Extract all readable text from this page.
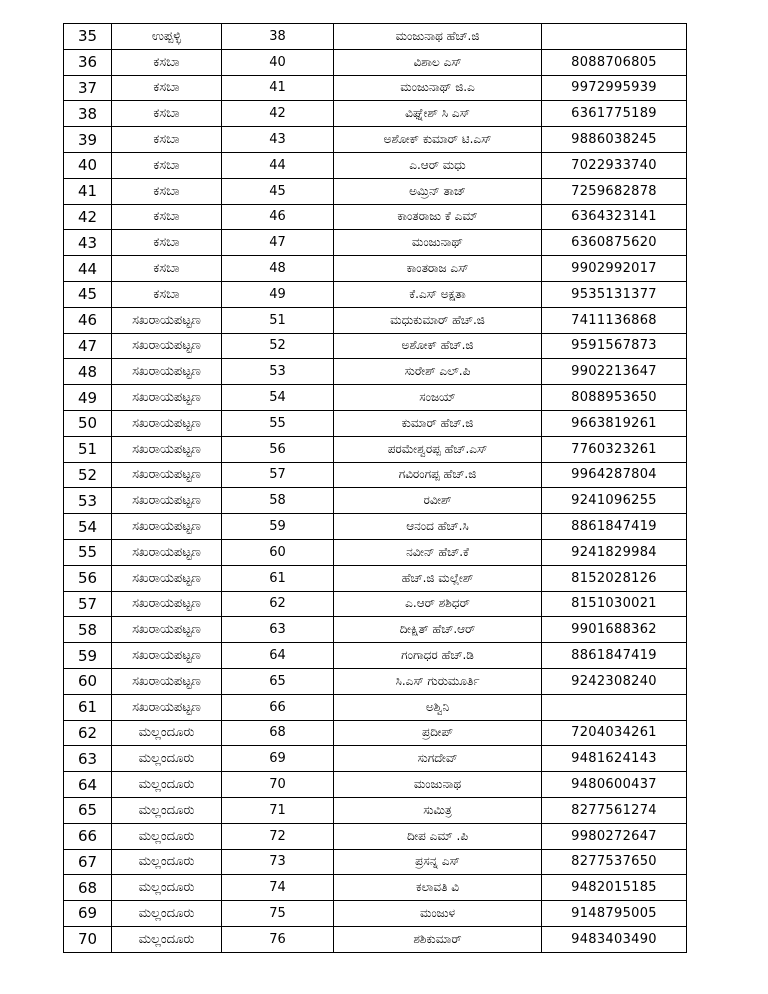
35	ಉಪ್ಪಳ್ಳಿ	38	ಮಂಜುನಾಥ ಹೆಚ್.ಜಿ	
36	ಕಸಬಾ	40	ವಿಶಾಲ ಎಸ್	8088706805
37	ಕಸಬಾ	41	ಮಂಜುನಾಥ್ ಜಿ.ಎ	9972995939
38	ಕಸಬಾ	42	ವಿಘ್ನೇಶ್ ಸಿ ಎಸ್	6361775189
39	ಕಸಬಾ	43	ಅಶೋಕ್ ಕುಮಾರ್ ಟಿ.ಎಸ್	9886038245
40	ಕಸಬಾ	44	ಎ.ಆರ್ ಮಧು	7022933740
41	ಕಸಬಾ	45	ಅಮ್ರಿನ್ ತಾಜ್	7259682878
42	ಕಸಬಾ	46	ಕಾಂತರಾಜು ಕೆ ಎಮ್	6364323141
43	ಕಸಬಾ	47	ಮಂಜುನಾಥ್	6360875620
44	ಕಸಬಾ	48	ಕಾಂತರಾಜ ಎಸ್	9902992017
45	ಕಸಬಾ	49	ಕೆ.ಎಸ್ ಅಕ್ಷತಾ	9535131377
46	ಸಖರಾಯಪಟ್ಟಣ	51	ಮಧುಕುಮಾರ್ ಹೆಚ್.ಜಿ	7411136868
47	ಸಖರಾಯಪಟ್ಟಣ	52	ಅಶೋಕ್ ಹೆಚ್.ಜಿ	9591567873
48	ಸಖರಾಯಪಟ್ಟಣ	53	ಸುರೇಶ್ ಎಲ್.ಪಿ	9902213647
49	ಸಖರಾಯಪಟ್ಟಣ	54	ಸಂಜಯ್	8088953650
50	ಸಖರಾಯಪಟ್ಟಣ	55	ಕುಮಾರ್ ಹೆಚ್.ಜಿ	9663819261
51	ಸಖರಾಯಪಟ್ಟಣ	56	ಪರಮೇಶ್ವರಪ್ಪ ಹೆಚ್.ಎಸ್	7760323261
52	ಸಖರಾಯಪಟ್ಟಣ	57	ಗವಿರಂಗಪ್ಪ ಹೆಚ್.ಜಿ	9964287804
53	ಸಖರಾಯಪಟ್ಟಣ	58	ರವೀಶ್	9241096255
54	ಸಖರಾಯಪಟ್ಟಣ	59	ಆನಂದ ಹೆಚ್.ಸಿ	8861847419
55	ಸಖರಾಯಪಟ್ಟಣ	60	ನವೀನ್ ಹೆಚ್.ಕೆ	9241829984
56	ಸಖರಾಯಪಟ್ಟಣ	61	ಹೆಚ್.ಜಿ ಮಲ್ಲೇಶ್	8152028126
57	ಸಖರಾಯಪಟ್ಟಣ	62	ಎ.ಆರ್ ಶಶಿಧರ್	8151030021
58	ಸಖರಾಯಪಟ್ಟಣ	63	ದೀಕ್ಷಿತ್ ಹೆಚ್.ಆರ್	9901688362
59	ಸಖರಾಯಪಟ್ಟಣ	64	ಗಂಗಾಧರ ಹೆಚ್.ಡಿ	8861847419
60	ಸಖರಾಯಪಟ್ಟಣ	65	ಸಿ.ಎಸ್ ಗುರುಮೂರ್ತಿ	9242308240
61	ಸಖರಾಯಪಟ್ಟಣ	66	ಅಶ್ವಿನಿ	
62	ಮಲ್ಲಂದೂರು	68	ಪ್ರದೀಪ್	7204034261
63	ಮಲ್ಲಂದೂರು	69	ಸುಗದೇವ್	9481624143
64	ಮಲ್ಲಂದೂರು	70	ಮಂಜುನಾಥ	9480600437
65	ಮಲ್ಲಂದೂರು	71	ಸುಮಿತ್ರ	8277561274
66	ಮಲ್ಲಂದೂರು	72	ದೀಪ ಎಮ್ .ಪಿ	9980272647
67	ಮಲ್ಲಂದೂರು	73	ಪ್ರಸನ್ನ ಎಸ್	8277537650
68	ಮಲ್ಲಂದೂರು	74	ಕಲಾವತಿ ವಿ	9482015185
69	ಮಲ್ಲಂದೂರು	75	ಮಂಜುಳ	9148795005
70	ಮಲ್ಲಂದೂರು	76	ಶಶಿಕುಮಾರ್	9483403490
